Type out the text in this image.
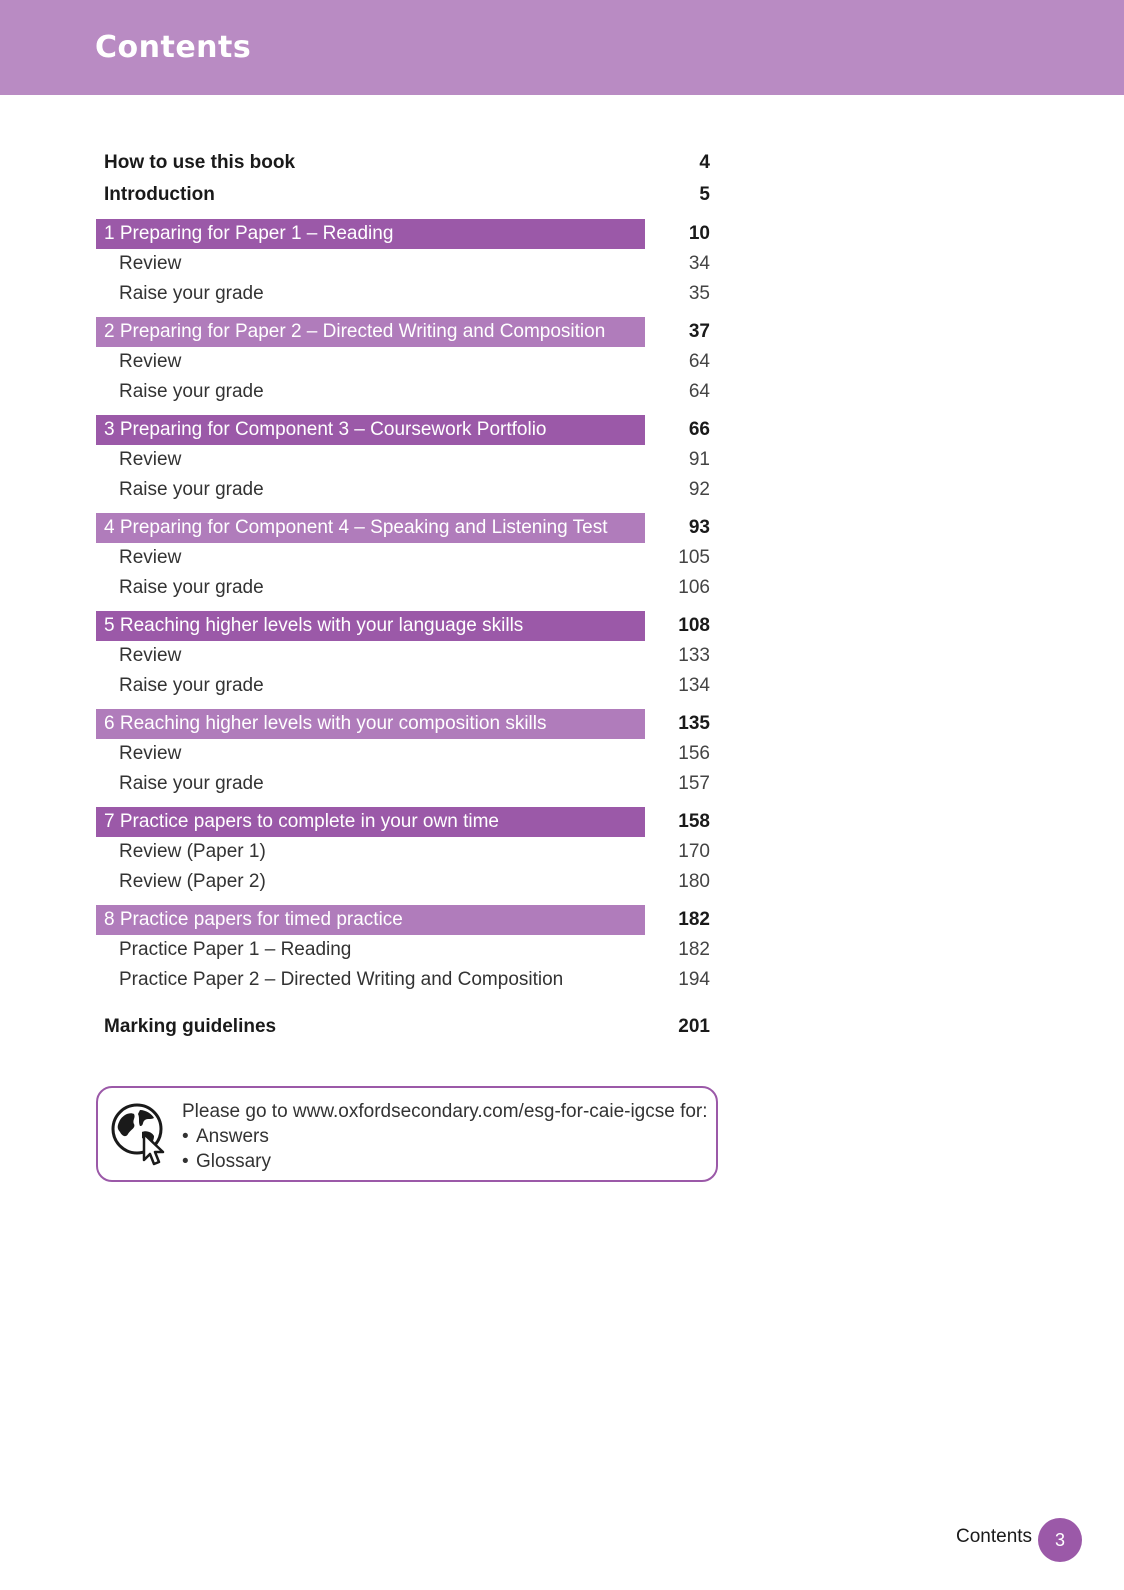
Contents
How to use this book	4
Introduction	5
1 Preparing for Paper 1 – Reading	10
Review	34
Raise your grade	35
2 Preparing for Paper 2 – Directed Writing and Composition	37
Review	64
Raise your grade	64
3 Preparing for Component 3 – Coursework Portfolio	66
Review	91
Raise your grade	92
4 Preparing for Component 4 – Speaking and Listening Test	93
Review	105
Raise your grade	106
5 Reaching higher levels with your language skills	108
Review	133
Raise your grade	134
6 Reaching higher levels with your composition skills	135
Review	156
Raise your grade	157
7 Practice papers to complete in your own time	158
Review (Paper 1)	170
Review (Paper 2)	180
8 Practice papers for timed practice	182
Practice Paper 1 – Reading	182
Practice Paper 2 – Directed Writing and Composition	194
Marking guidelines	201
Please go to www.oxfordsecondary.com/esg-for-caie-igcse for:
• Answers
• Glossary
Contents	3
